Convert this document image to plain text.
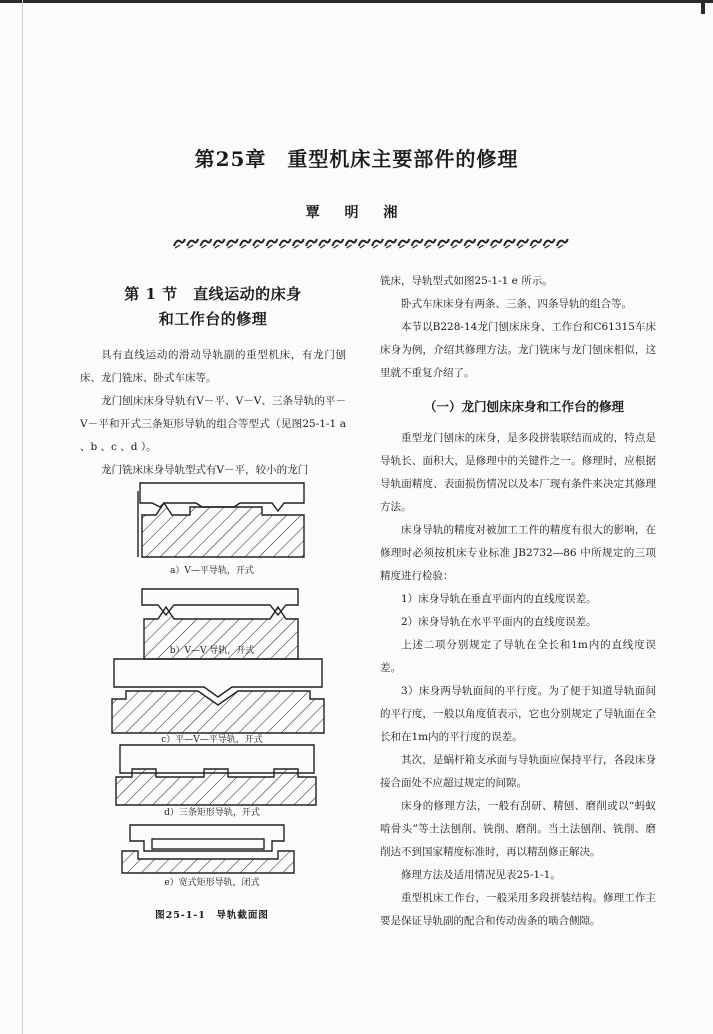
第25章　重型机床主要部件的修理
覃 明 湘
第 1 节　直线运动的床身
和工作台的修理

具有直线运动的滑动导轨副的重型机床，有龙门刨床、龙门铣床、卧式车床等。

龙门刨床床身导轨有V－平、V－V、三条导轨的平－V－平和开式三条矩形导轨的组合等型式（见图25-1-1 a 、b 、c 、d ）。

龙门铣床床身导轨型式有V－平，较小的龙门

a）V—平导轨，开式
b）V—V 导轨，开式
c）平—V—平导轨，开式
d）三条矩形导轨，开式
e）宽式矩形导轨，闭式
图25-1-1　导轨截面图

铣床，导轨型式如图25-1-1 e 所示。

卧式车床床身有两条、三条、四条导轨的组合等。

本节以B228-14龙门刨床床身、工作台和C61315车床床身为例，介绍其修理方法。龙门铣床与龙门刨床相似，这里就不重复介绍了。

（一）龙门刨床床身和工作台的修理

重型龙门刨床的床身，是多段拼装联结而成的，特点是导轨长、面积大，是修理中的关键件之一。修理时，应根据导轨面精度、表面损伤情况以及本厂现有条件来决定其修理方法。

床身导轨的精度对被加工工件的精度有很大的影响，在修理时必须按机床专业标准 JB2732—86 中所规定的三项精度进行检验：

1）床身导轨在垂直平面内的直线度误差。

2）床身导轨在水平平面内的直线度误差。

上述二项分别规定了导轨在全长和1m内的直线度误差。

3）床身两导轨面间的平行度。为了便于知道导轨面间的平行度，一般以角度值表示，它也分别规定了导轨面在全长和在1m内的平行度的误差。

其次，是蜗杆箱支承面与导轨面应保持平行，各段床身接合面处不应超过规定的间隙。

床身的修理方法，一般有刮研、精刨、磨削或以“蚂蚁啃骨头”等土法刨削、铣削、磨削。当土法刨削、铣削、磨削达不到国家精度标准时，再以精刮修正解决。

修理方法及适用情况见表25-1-1。

重型机床工作台，一般采用多段拼装结构。修理工作主要是保证导轨副的配合和传动齿条的啮合侧隙。
